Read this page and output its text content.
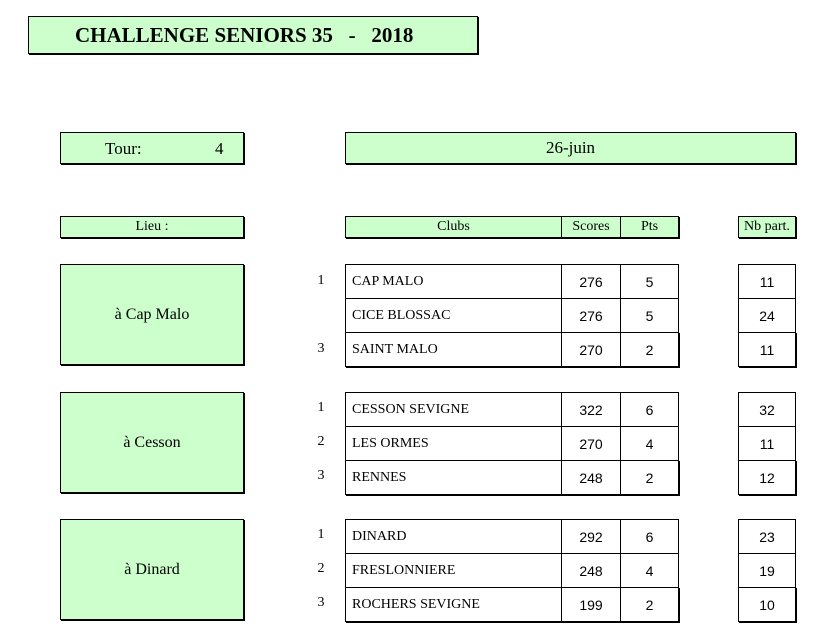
CHALLENGE SENIORS 35   -   2018
Tour:	4	26-juin
Lieu :	Clubs	Scores	Pts	Nb part.
à Cap Malo
1	CAP MALO	276	5	11
CICE BLOSSAC	276	5	24
3	SAINT MALO	270	2	11
à Cesson
1	CESSON SEVIGNE	322	6	32
2	LES ORMES	270	4	11
3	RENNES	248	2	12
à Dinard
1	DINARD	292	6	23
2	FRESLONNIERE	248	4	19
3	ROCHERS SEVIGNE	199	2	10
